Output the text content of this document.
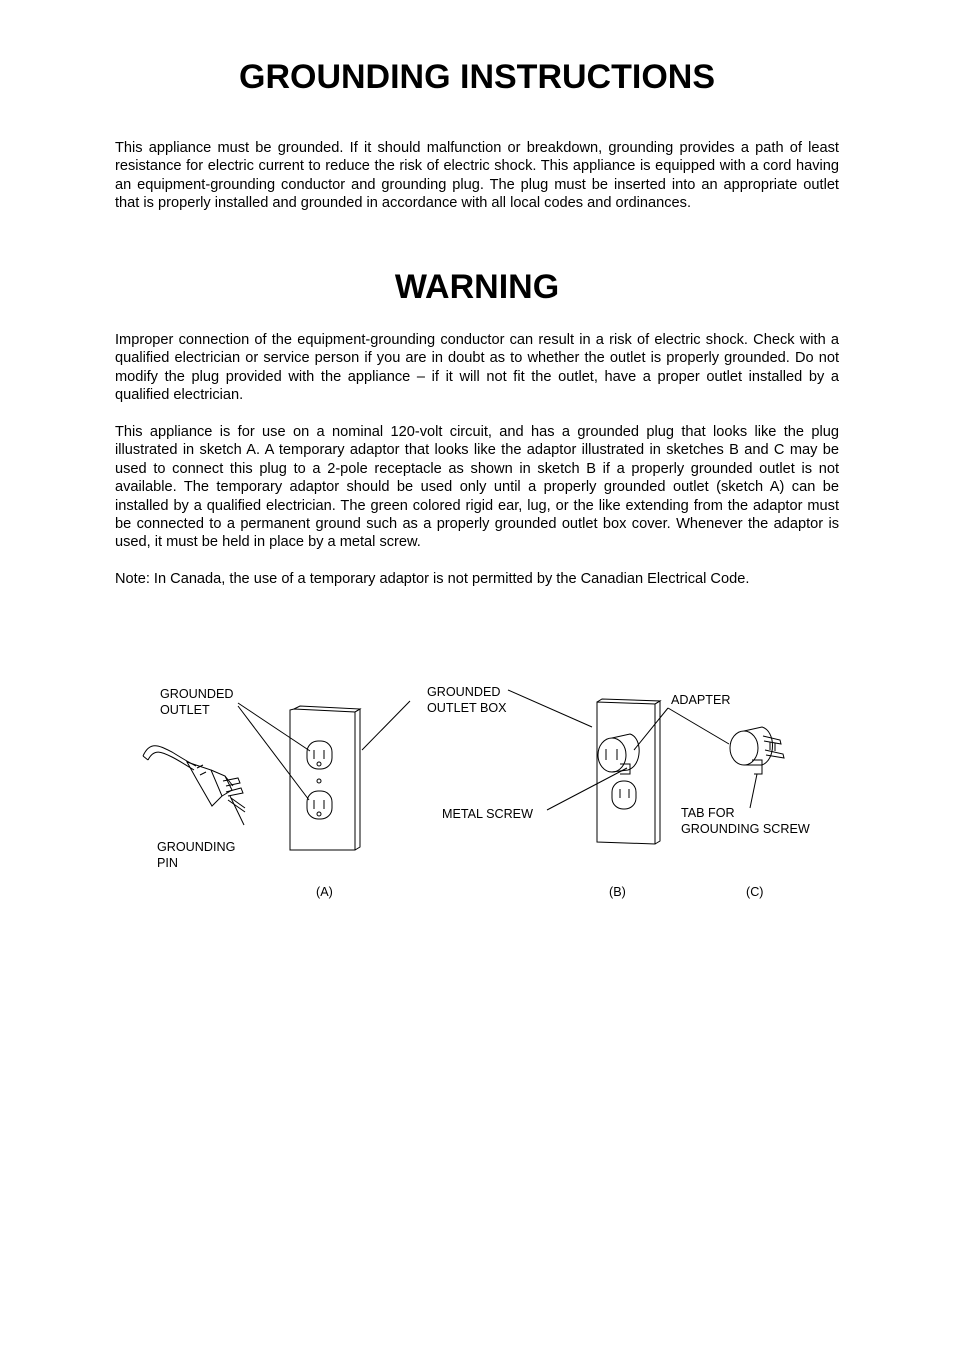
GROUNDING INSTRUCTIONS

This appliance must be grounded. If it should malfunction or breakdown, grounding provides a path of least resistance for electric current to reduce the risk of electric shock. This appliance is equipped with a cord having an equipment-grounding conductor and grounding plug. The plug must be inserted into an appropriate outlet that is properly installed and grounded in accordance with all local codes and ordinances.

WARNING

Improper connection of the equipment-grounding conductor can result in a risk of electric shock. Check with a qualified electrician or service person if you are in doubt as to whether the outlet is properly grounded. Do not modify the plug provided with the appliance – if it will not fit the outlet, have a proper outlet installed by a qualified electrician.

This appliance is for use on a nominal 120-volt circuit, and has a grounded plug that looks like the plug illustrated in sketch A. A temporary adaptor that looks like the adaptor illustrated in sketches B and C may be used to connect this plug to a 2-pole receptacle as shown in sketch B if a properly grounded outlet is not available. The temporary adaptor should be used only until a properly grounded outlet (sketch A) can be installed by a qualified electrician. The green colored rigid ear, lug, or the like extending from the adaptor must be connected to a permanent ground such as a properly grounded outlet box cover. Whenever the adaptor is used, it must be held in place by a metal screw.

Note: In Canada, the use of a temporary adaptor is not permitted by the Canadian Electrical Code.

GROUNDED
OUTLET
GROUNDING
PIN
GROUNDED
OUTLET BOX
METAL SCREW
ADAPTER
TAB FOR
GROUNDING SCREW
(A)	(B)	(C)
